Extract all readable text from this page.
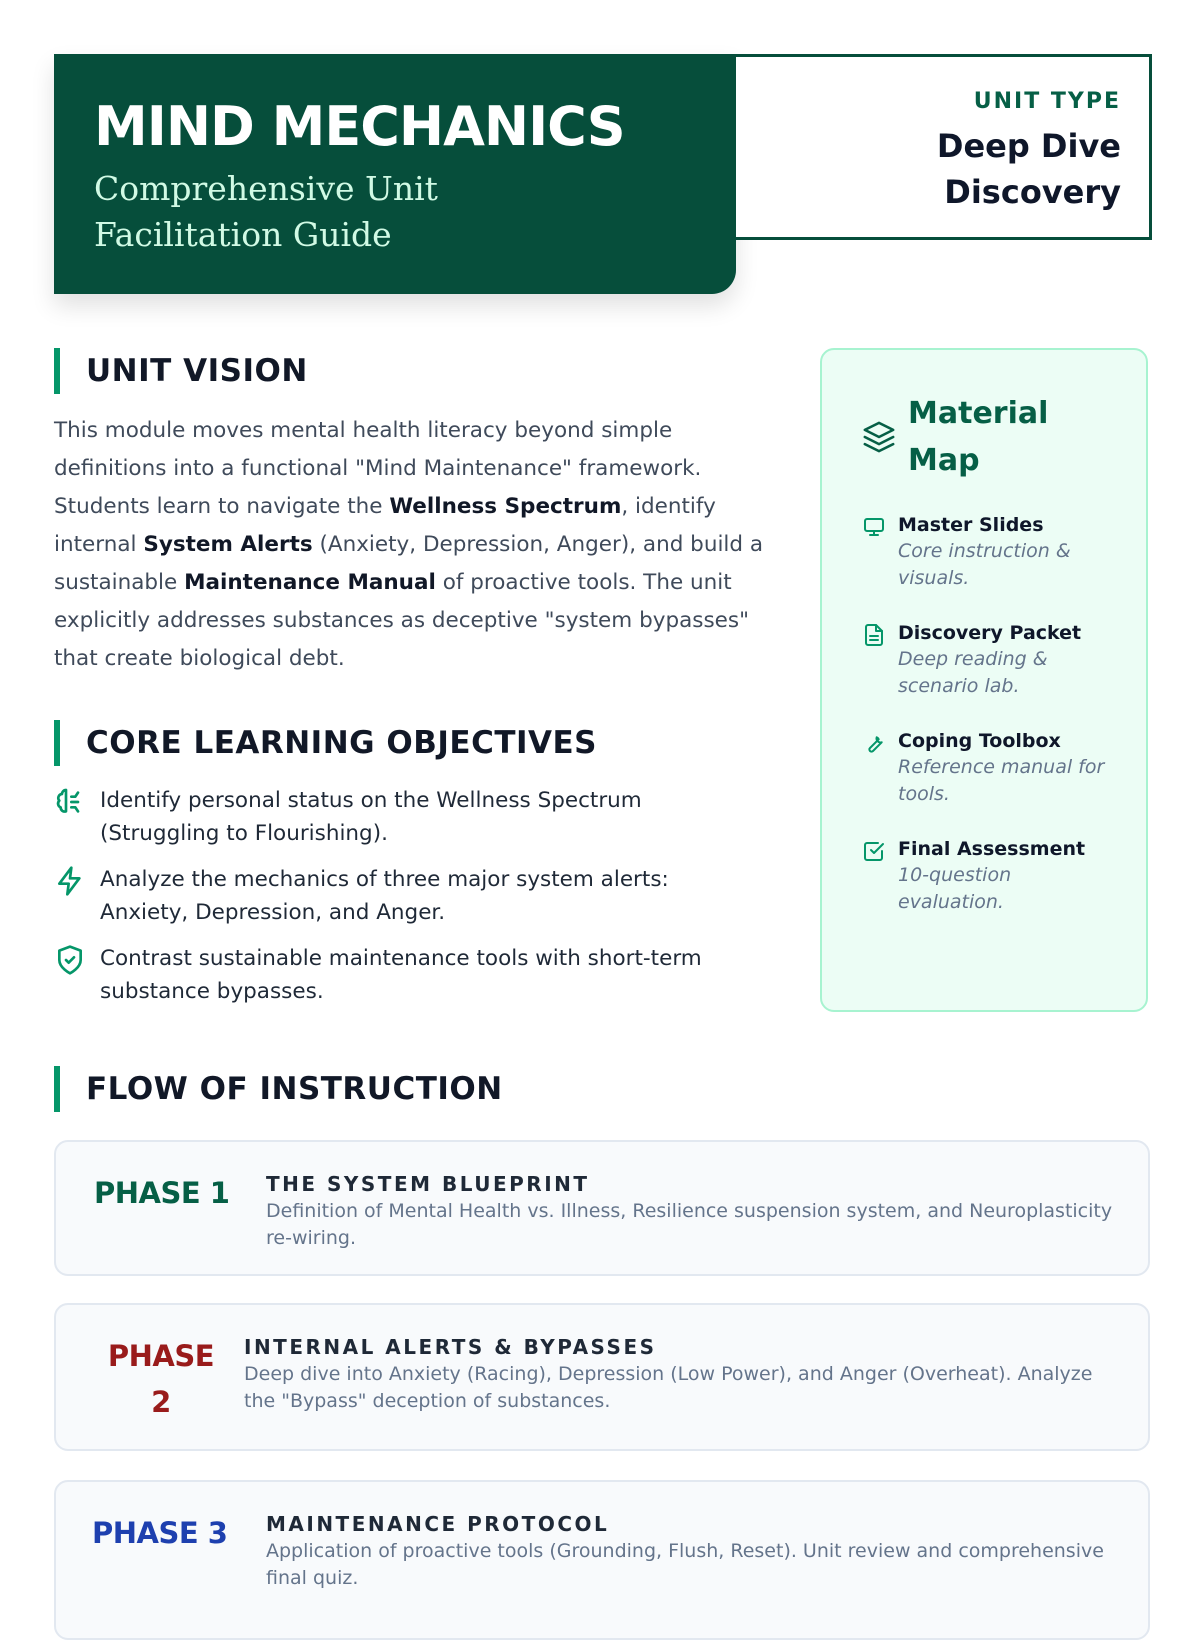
MIND MECHANICS
Comprehensive Unit Facilitation Guide
UNIT TYPE
Deep Dive
Discovery
UNIT VISION

This module moves mental health literacy beyond simple definitions into a functional "Mind Maintenance" framework. Students learn to navigate the Wellness Spectrum, identify internal System Alerts (Anxiety, Depression, Anger), and build a sustainable Maintenance Manual of proactive tools. The unit explicitly addresses substances as deceptive "system bypasses" that create biological debt.

CORE LEARNING OBJECTIVES
Identify personal status on the Wellness Spectrum (Struggling to Flourishing).
Analyze the mechanics of three major system alerts: Anxiety, Depression, and Anger.
Contrast sustainable maintenance tools with short-term substance bypasses.
Material Map
Master Slides
Core instruction & visuals.
Discovery Packet
Deep reading & scenario lab.
Coping Toolbox
Reference manual for tools.
Final Assessment
10-question evaluation.
FLOW OF INSTRUCTION
PHASE 1	THE SYSTEM BLUEPRINT
Definition of Mental Health vs. Illness, Resilience suspension system, and Neuroplasticity re-wiring.
PHASE
2
INTERNAL ALERTS & BYPASSES
Deep dive into Anxiety (Racing), Depression (Low Power), and Anger (Overheat). Analyze the "Bypass" deception of substances.
PHASE 3	MAINTENANCE PROTOCOL
Application of proactive tools (Grounding, Flush, Reset). Unit review and comprehensive final quiz.
